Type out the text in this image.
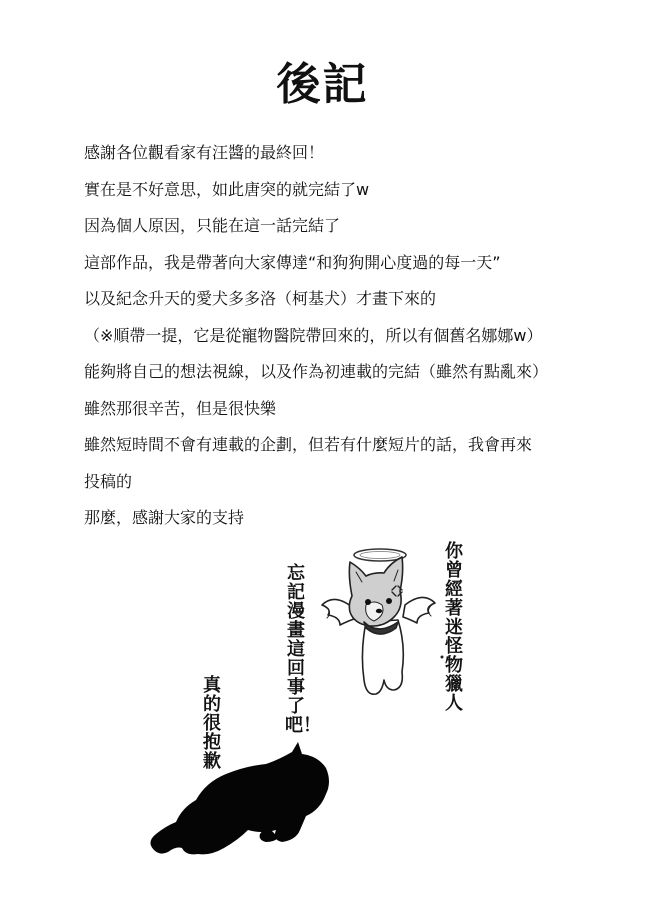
後記
感謝各位觀看家有汪醬的最終回！
實在是不好意思，如此唐突的就完結了w
因為個人原因，只能在這一話完結了
這部作品，我是帶著向大家傳達“和狗狗開心度過的每一天”
以及紀念升天的愛犬多多洛（柯基犬）才畫下來的
（※順帶一提，它是從寵物醫院帶回來的，所以有個舊名娜娜w）
能夠將自己的想法視線，以及作為初連載的完結（雖然有點亂來）
雖然那很辛苦，但是很快樂
雖然短時間不會有連載的企劃，但若有什麼短片的話，我會再來
投稿的
那麼，感謝大家的支持
你曾經著迷怪物獵人
忘記漫畫這回事了吧！
真的很抱歉
